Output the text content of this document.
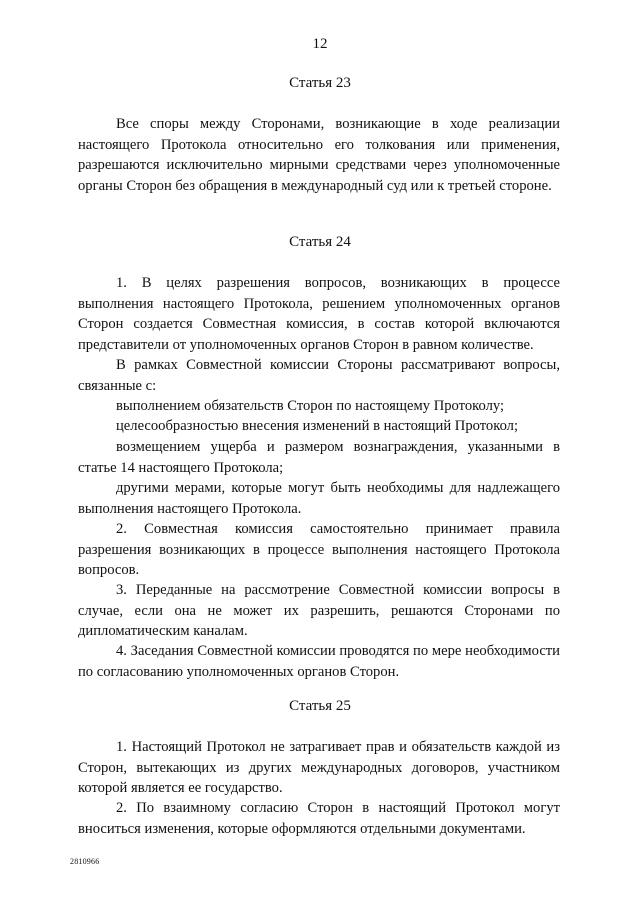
12
Статья 23

Все споры между Сторонами, возникающие в ходе реализации настоящего Протокола относительно его толкования или применения, разрешаются исключительно мирными средствами через уполномоченные органы Сторон без обращения в международный суд или к третьей стороне.

Статья 24

1. В целях разрешения вопросов, возникающих в процессе выполнения настоящего Протокола, решением уполномоченных органов Сторон создается Совместная комиссия, в состав которой включаются представители от уполномоченных органов Сторон в равном количестве.

В рамках Совместной комиссии Стороны рассматривают вопросы, связанные с:

выполнением обязательств Сторон по настоящему Протоколу;

целесообразностью внесения изменений в настоящий Протокол;

возмещением ущерба и размером вознаграждения, указанными в статье 14 настоящего Протокола;

другими мерами, которые могут быть необходимы для надлежащего выполнения настоящего Протокола.

2. Совместная комиссия самостоятельно принимает правила разрешения возникающих в процессе выполнения настоящего Протокола вопросов.

3. Переданные на рассмотрение Совместной комиссии вопросы в случае, если она не может их разрешить, решаются Сторонами по дипломатическим каналам.

4. Заседания Совместной комиссии проводятся по мере необходимости по согласованию уполномоченных органов Сторон.

Статья 25

1. Настоящий Протокол не затрагивает прав и обязательств каждой из Сторон, вытекающих из других международных договоров, участником которой является ее государство.

2. По взаимному согласию Сторон в настоящий Протокол могут вноситься изменения, которые оформляются отдельными документами.

2810966
